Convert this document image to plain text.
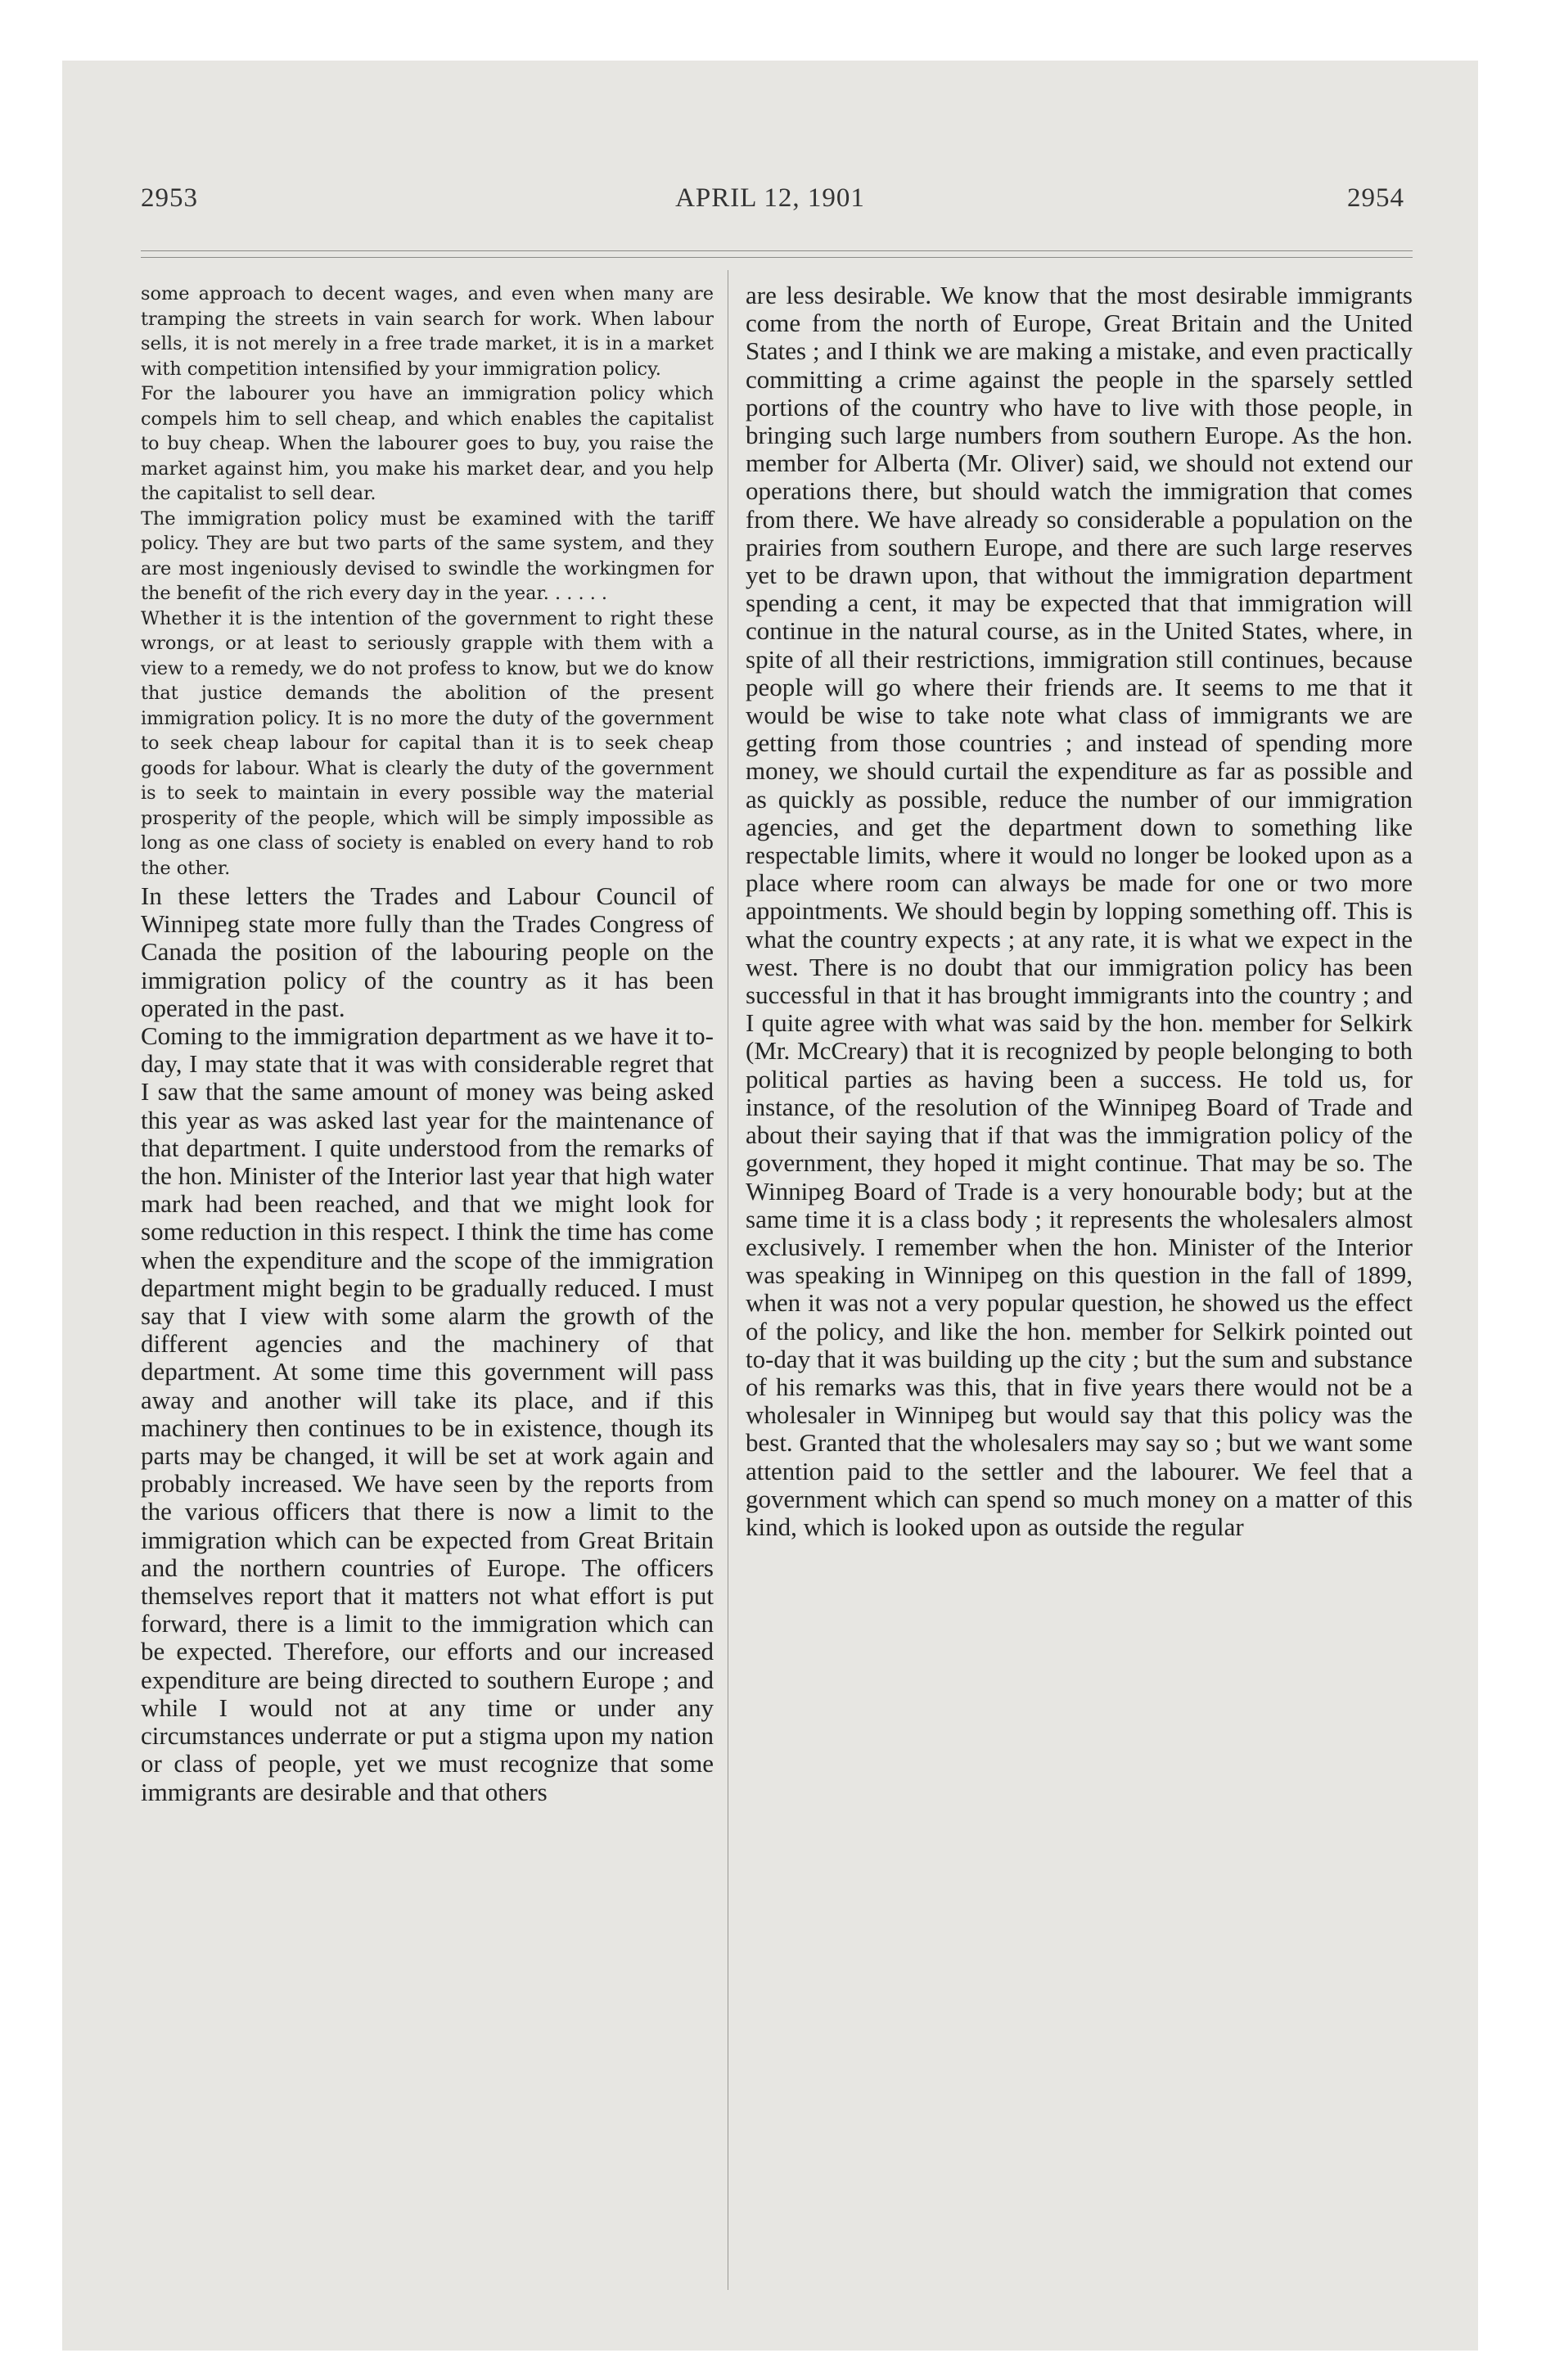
2953	APRIL 12, 1901	2954

some approach to decent wages, and even when many are tramping the streets in vain search for work. When labour sells, it is not merely in a free trade market, it is in a market with competition intensified by your immigration policy.

For the labourer you have an immigration policy which compels him to sell cheap, and which enables the capitalist to buy cheap. When the labourer goes to buy, you raise the market against him, you make his market dear, and you help the capitalist to sell dear.

The immigration policy must be examined with the tariff policy. They are but two parts of the same system, and they are most ingeniously devised to swindle the workingmen for the benefit of the rich every day in the year. . . . . .

Whether it is the intention of the government to right these wrongs, or at least to seriously grapple with them with a view to a remedy, we do not profess to know, but we do know that justice demands the abolition of the present immigration policy. It is no more the duty of the government to seek cheap labour for capital than it is to seek cheap goods for labour. What is clearly the duty of the government is to seek to maintain in every possible way the material prosperity of the people, which will be simply impossible as long as one class of society is enabled on every hand to rob the other.

In these letters the Trades and Labour Council of Winnipeg state more fully than the Trades Congress of Canada the position of the labouring people on the immigration policy of the country as it has been operated in the past.

Coming to the immigration department as we have it to-day, I may state that it was with considerable regret that I saw that the same amount of money was being asked this year as was asked last year for the maintenance of that department. I quite understood from the remarks of the hon. Minister of the Interior last year that high water mark had been reached, and that we might look for some reduction in this respect. I think the time has come when the expenditure and the scope of the immigration department might begin to be gradually reduced. I must say that I view with some alarm the growth of the different agencies and the machinery of that department. At some time this government will pass away and another will take its place, and if this machinery then continues to be in existence, though its parts may be changed, it will be set at work again and probably increased. We have seen by the reports from the various officers that there is now a limit to the immigration which can be expected from Great Britain and the northern countries of Europe. The officers themselves report that it matters not what effort is put forward, there is a limit to the immigration which can be expected. Therefore, our efforts and our increased expenditure are being directed to southern Europe ; and while I would not at any time or under any circumstances underrate or put a stigma upon my nation or class of people, yet we must recognize that some immigrants are desirable and that others

are less desirable. We know that the most desirable immigrants come from the north of Europe, Great Britain and the United States ; and I think we are making a mistake, and even practically committing a crime against the people in the sparsely settled portions of the country who have to live with those people, in bringing such large numbers from southern Europe. As the hon. member for Alberta (Mr. Oliver) said, we should not extend our operations there, but should watch the immigration that comes from there. We have already so considerable a population on the prairies from southern Europe, and there are such large reserves yet to be drawn upon, that without the immigration department spending a cent, it may be expected that that immigration will continue in the natural course, as in the United States, where, in spite of all their restrictions, immigration still continues, because people will go where their friends are. It seems to me that it would be wise to take note what class of immigrants we are getting from those countries ; and instead of spending more money, we should curtail the expenditure as far as possible and as quickly as possible, reduce the number of our immigration agencies, and get the department down to something like respectable limits, where it would no longer be looked upon as a place where room can always be made for one or two more appointments. We should begin by lopping something off. This is what the country expects ; at any rate, it is what we expect in the west. There is no doubt that our immigration policy has been successful in that it has brought immigrants into the country ; and I quite agree with what was said by the hon. member for Selkirk (Mr. McCreary) that it is recognized by people belonging to both political parties as having been a success. He told us, for instance, of the resolution of the Winnipeg Board of Trade and about their saying that if that was the immigration policy of the government, they hoped it might continue. That may be so. The Winnipeg Board of Trade is a very honourable body; but at the same time it is a class body ; it represents the wholesalers almost exclusively. I remember when the hon. Minister of the Interior was speaking in Winnipeg on this question in the fall of 1899, when it was not a very popular question, he showed us the effect of the policy, and like the hon. member for Selkirk pointed out to-day that it was building up the city ; but the sum and substance of his remarks was this, that in five years there would not be a wholesaler in Winnipeg but would say that this policy was the best. Granted that the wholesalers may say so ; but we want some attention paid to the settler and the labourer. We feel that a government which can spend so much money on a matter of this kind, which is looked upon as outside the regular
